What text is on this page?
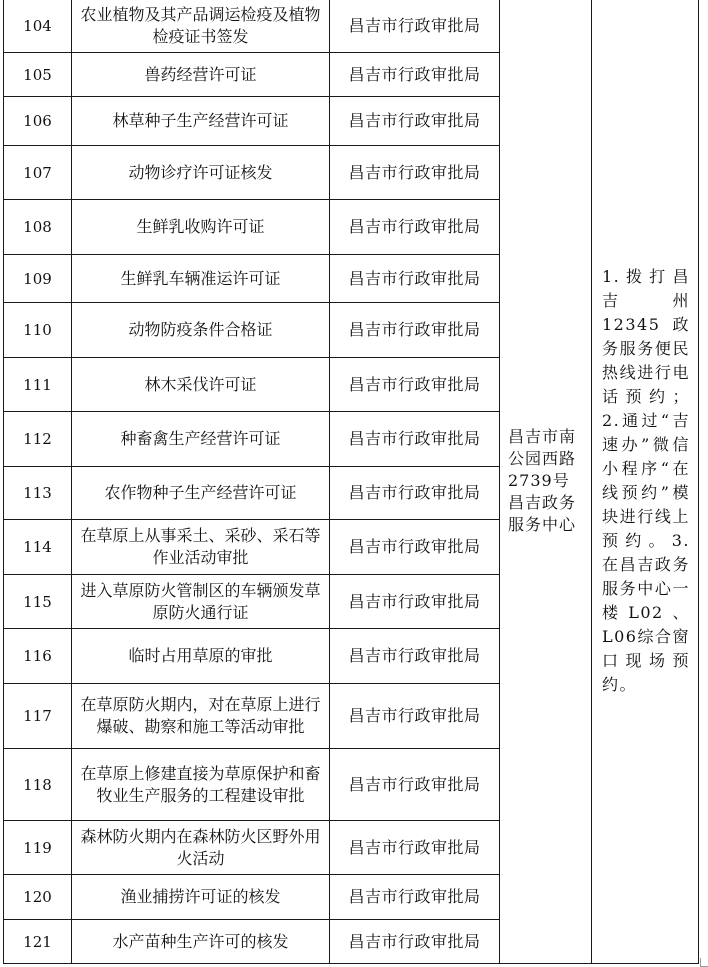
104	农业植物及其产品调运检疫及植物检疫证书签发	昌吉市行政审批局	昌吉市南公园西路2739号昌吉政务服务中心	1.拨打昌吉州12345政务服务便民热线进行电话预约；2.通过“吉速办”微信小程序“在线预约”模块进行线上预约。3.在昌吉政务服务中心一楼L02、L06综合窗口现场预约。
105	兽药经营许可证	昌吉市行政审批局		
106	林草种子生产经营许可证	昌吉市行政审批局		
107	动物诊疗许可证核发	昌吉市行政审批局		
108	生鲜乳收购许可证	昌吉市行政审批局		
109	生鲜乳车辆准运许可证	昌吉市行政审批局		
110	动物防疫条件合格证	昌吉市行政审批局		
111	林木采伐许可证	昌吉市行政审批局		
112	种畜禽生产经营许可证	昌吉市行政审批局		
113	农作物种子生产经营许可证	昌吉市行政审批局		
114	在草原上从事采土、采砂、采石等作业活动审批	昌吉市行政审批局		
115	进入草原防火管制区的车辆颁发草原防火通行证	昌吉市行政审批局		
116	临时占用草原的审批	昌吉市行政审批局		
117	在草原防火期内，对在草原上进行爆破、勘察和施工等活动审批	昌吉市行政审批局		
118	在草原上修建直接为草原保护和畜牧业生产服务的工程建设审批	昌吉市行政审批局		
119	森林防火期内在森林防火区野外用火活动	昌吉市行政审批局		
120	渔业捕捞许可证的核发	昌吉市行政审批局		
121	水产苗种生产许可的核发	昌吉市行政审批局		
